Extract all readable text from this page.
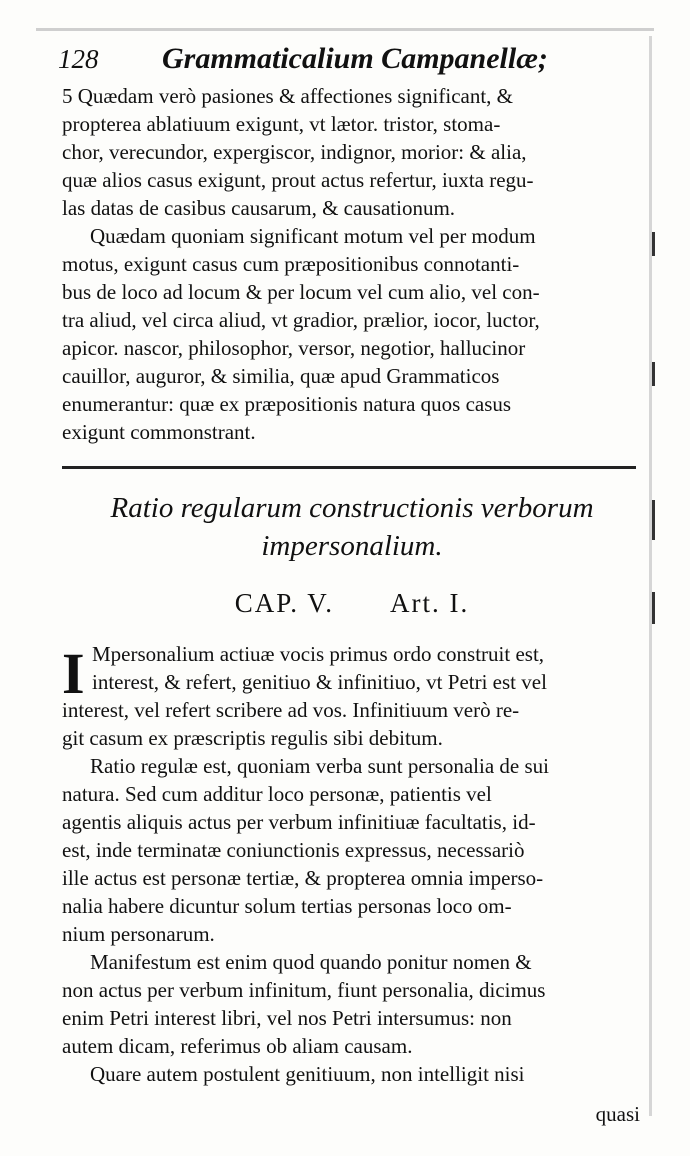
128 Grammaticalium Campanellæ;
5 Quædam verò pasiones & affectiones significant, &
propterea ablatiuum exigunt, vt lætor. tristor, stoma-
chor, verecundor, expergiscor, indignor, morior: & alia,
quæ alios casus exigunt, prout actus refertur, iuxta regu-
las datas de casibus causarum, & causationum.
Quædam quoniam significant motum vel per modum
motus, exigunt casus cum præpositionibus connotanti-
bus de loco ad locum & per locum vel cum alio, vel con-
tra aliud, vel circa aliud, vt gradior, prælior, iocor, luctor,
apicor. nascor, philosophor, versor, negotior, hallucinor
cauillor, auguror, & similia, quæ apud Grammaticos
enumerantur: quæ ex præpositionis natura quos casus
exigunt commonstrant.
Ratio regularum constructionis verborum
impersonalium.
CAP. V. Art. I.
I Mpersonalium actiuæ vocis primus ordo construit est,
interest, & refert, genitiuo & infinitiuo, vt Petri est vel
interest, vel refert scribere ad vos. Infinitiuum verò re-
git casum ex præscriptis regulis sibi debitum.
Ratio regulæ est, quoniam verba sunt personalia de sui
natura. Sed cum additur loco personæ, patientis vel
agentis aliquis actus per verbum infinitiuæ facultatis, id-
est, inde terminatæ coniunctionis expressus, necessariò
ille actus est personæ tertiæ, & propterea omnia imperso-
nalia habere dicuntur solum tertias personas loco om-
nium personarum.
Manifestum est enim quod quando ponitur nomen &
non actus per verbum infinitum, fiunt personalia, dicimus
enim Petri interest libri, vel nos Petri intersumus: non
autem dicam, referimus ob aliam causam.
Quare autem postulent genitiuum, non intelligit nisi
quasi
